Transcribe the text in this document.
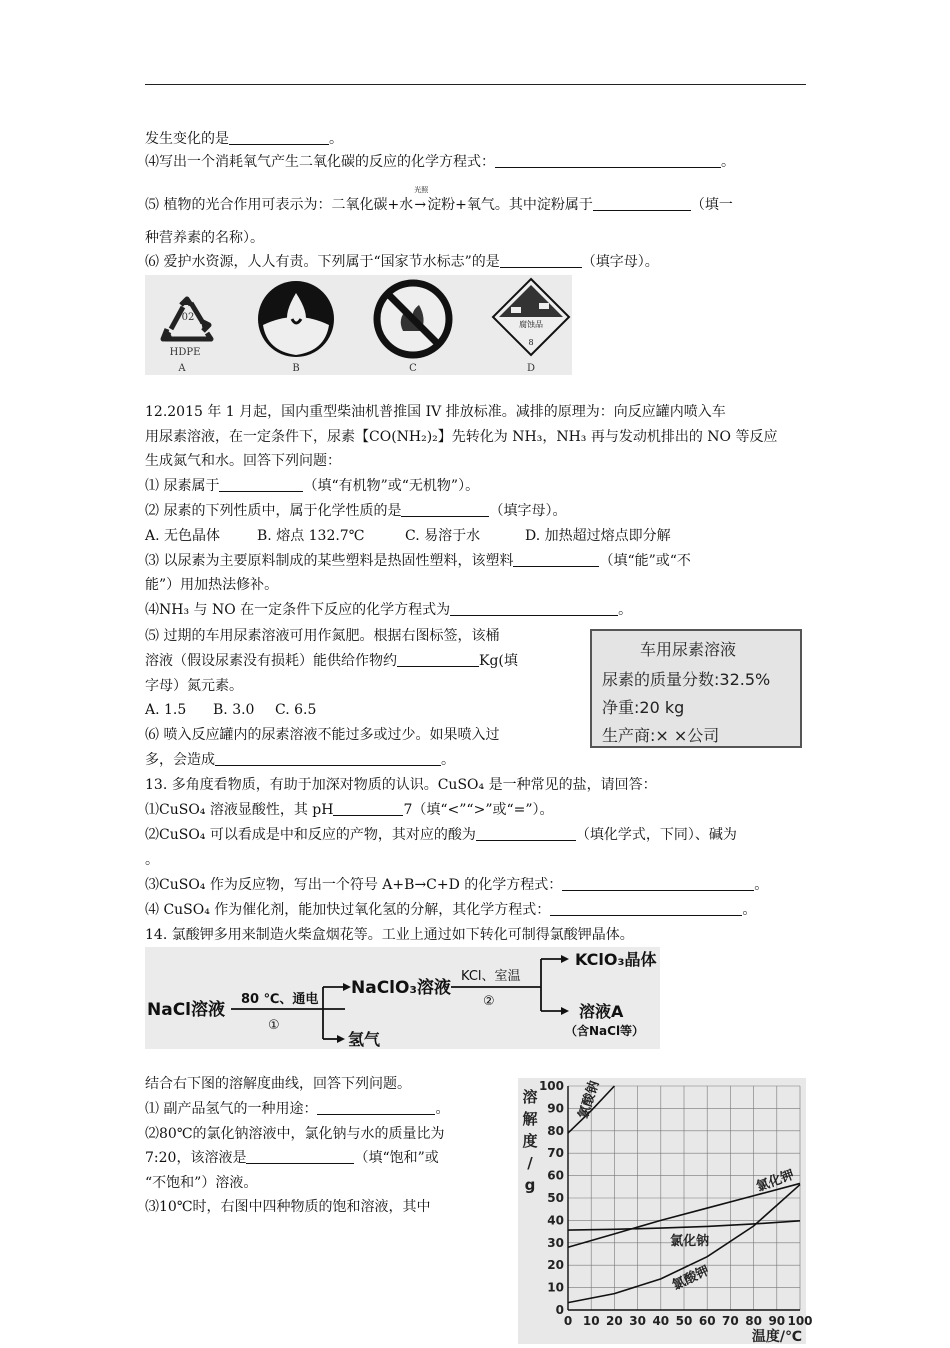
发生变化的是	。
⑷写出一个消耗氧气产生二氧化碳的反应的化学方程式：	。
⑸ 植物的光合作用可表示为：二氧化碳+水
光照
→淀粉+氧气。其中淀粉属于	（填一
种营养素的名称）。
⑹ 爱护水资源，人人有责。下列属于“国家节水标志”的是	（填字母）。
02
HDPE
腐蚀品
8
A	B	C	D
12.2015 年 1 月起，国内重型柴油机普推国 IV 排放标准。减排的原理为：向反应罐内喷入车
用尿素溶液，在一定条件下，尿素【CO(NH₂)₂】先转化为 NH₃，NH₃ 再与发动机排出的 NO 等反应
生成氮气和水。回答下列问题：
⑴ 尿素属于	（填“有机物”或“无机物”）。
⑵ 尿素的下列性质中，属于化学性质的是	（填字母）。
A. 无色晶体	B. 熔点 132.7℃	C. 易溶于水	D. 加热超过熔点即分解
⑶ 以尿素为主要原料制成的某些塑料是热固性塑料，该塑料	（填“能”或“不
能”）用加热法修补。
⑷NH₃ 与 NO 在一定条件下反应的化学方程式为	。
⑸ 过期的车用尿素溶液可用作氮肥。根据右图标签，该桶
溶液（假设尿素没有损耗）能供给作物约	Kg(填
字母）氮元素。
A. 1.5 B. 3.0 C. 6.5
⑹ 喷入反应罐内的尿素溶液不能过多或过少。如果喷入过
多，会造成	。
车用尿素溶液
尿素的质量分数:32.5%
净重:20 kg
生产商:× ×公司
13. 多角度看物质，有助于加深对物质的认识。CuSO₄ 是一种常见的盐，请回答：
⑴CuSO₄ 溶液显酸性，其 pH	7（填“<”“>”或“=”）。
⑵CuSO₄ 可以看成是中和反应的产物，其对应的酸为	（填化学式，下同）、碱为
。
⑶CuSO₄ 作为反应物，写出一个符号 A+B→C+D 的化学方程式：	。
⑷ CuSO₄ 作为催化剂，能加快过氧化氢的分解，其化学方程式：	。
14. 氯酸钾多用来制造火柴盒烟花等。工业上通过如下转化可制得氯酸钾晶体。
NaCl溶液
80 ℃、通电
①
NaClO₃溶液
氢气
KCl、室温
②
KClO₃晶体
溶液A
（含NaCl等）
结合右下图的溶解度曲线，回答下列问题。
⑴ 副产品氢气的一种用途：	。
⑵80℃的氯化钠溶液中，氯化钠与水的质量比为
7:20，该溶液是	（填“饱和”或
“不饱和”）溶液。
⑶10℃时，右图中四种物质的饱和溶液，其中
0
10
20
30
40
50
60
70
80
90
100
0 10 20 30 40 50 60 70 80 90 100
溶
解
度
/
g
温度/℃
氯酸钠
氯化钾
氯化钠
氯酸钾
